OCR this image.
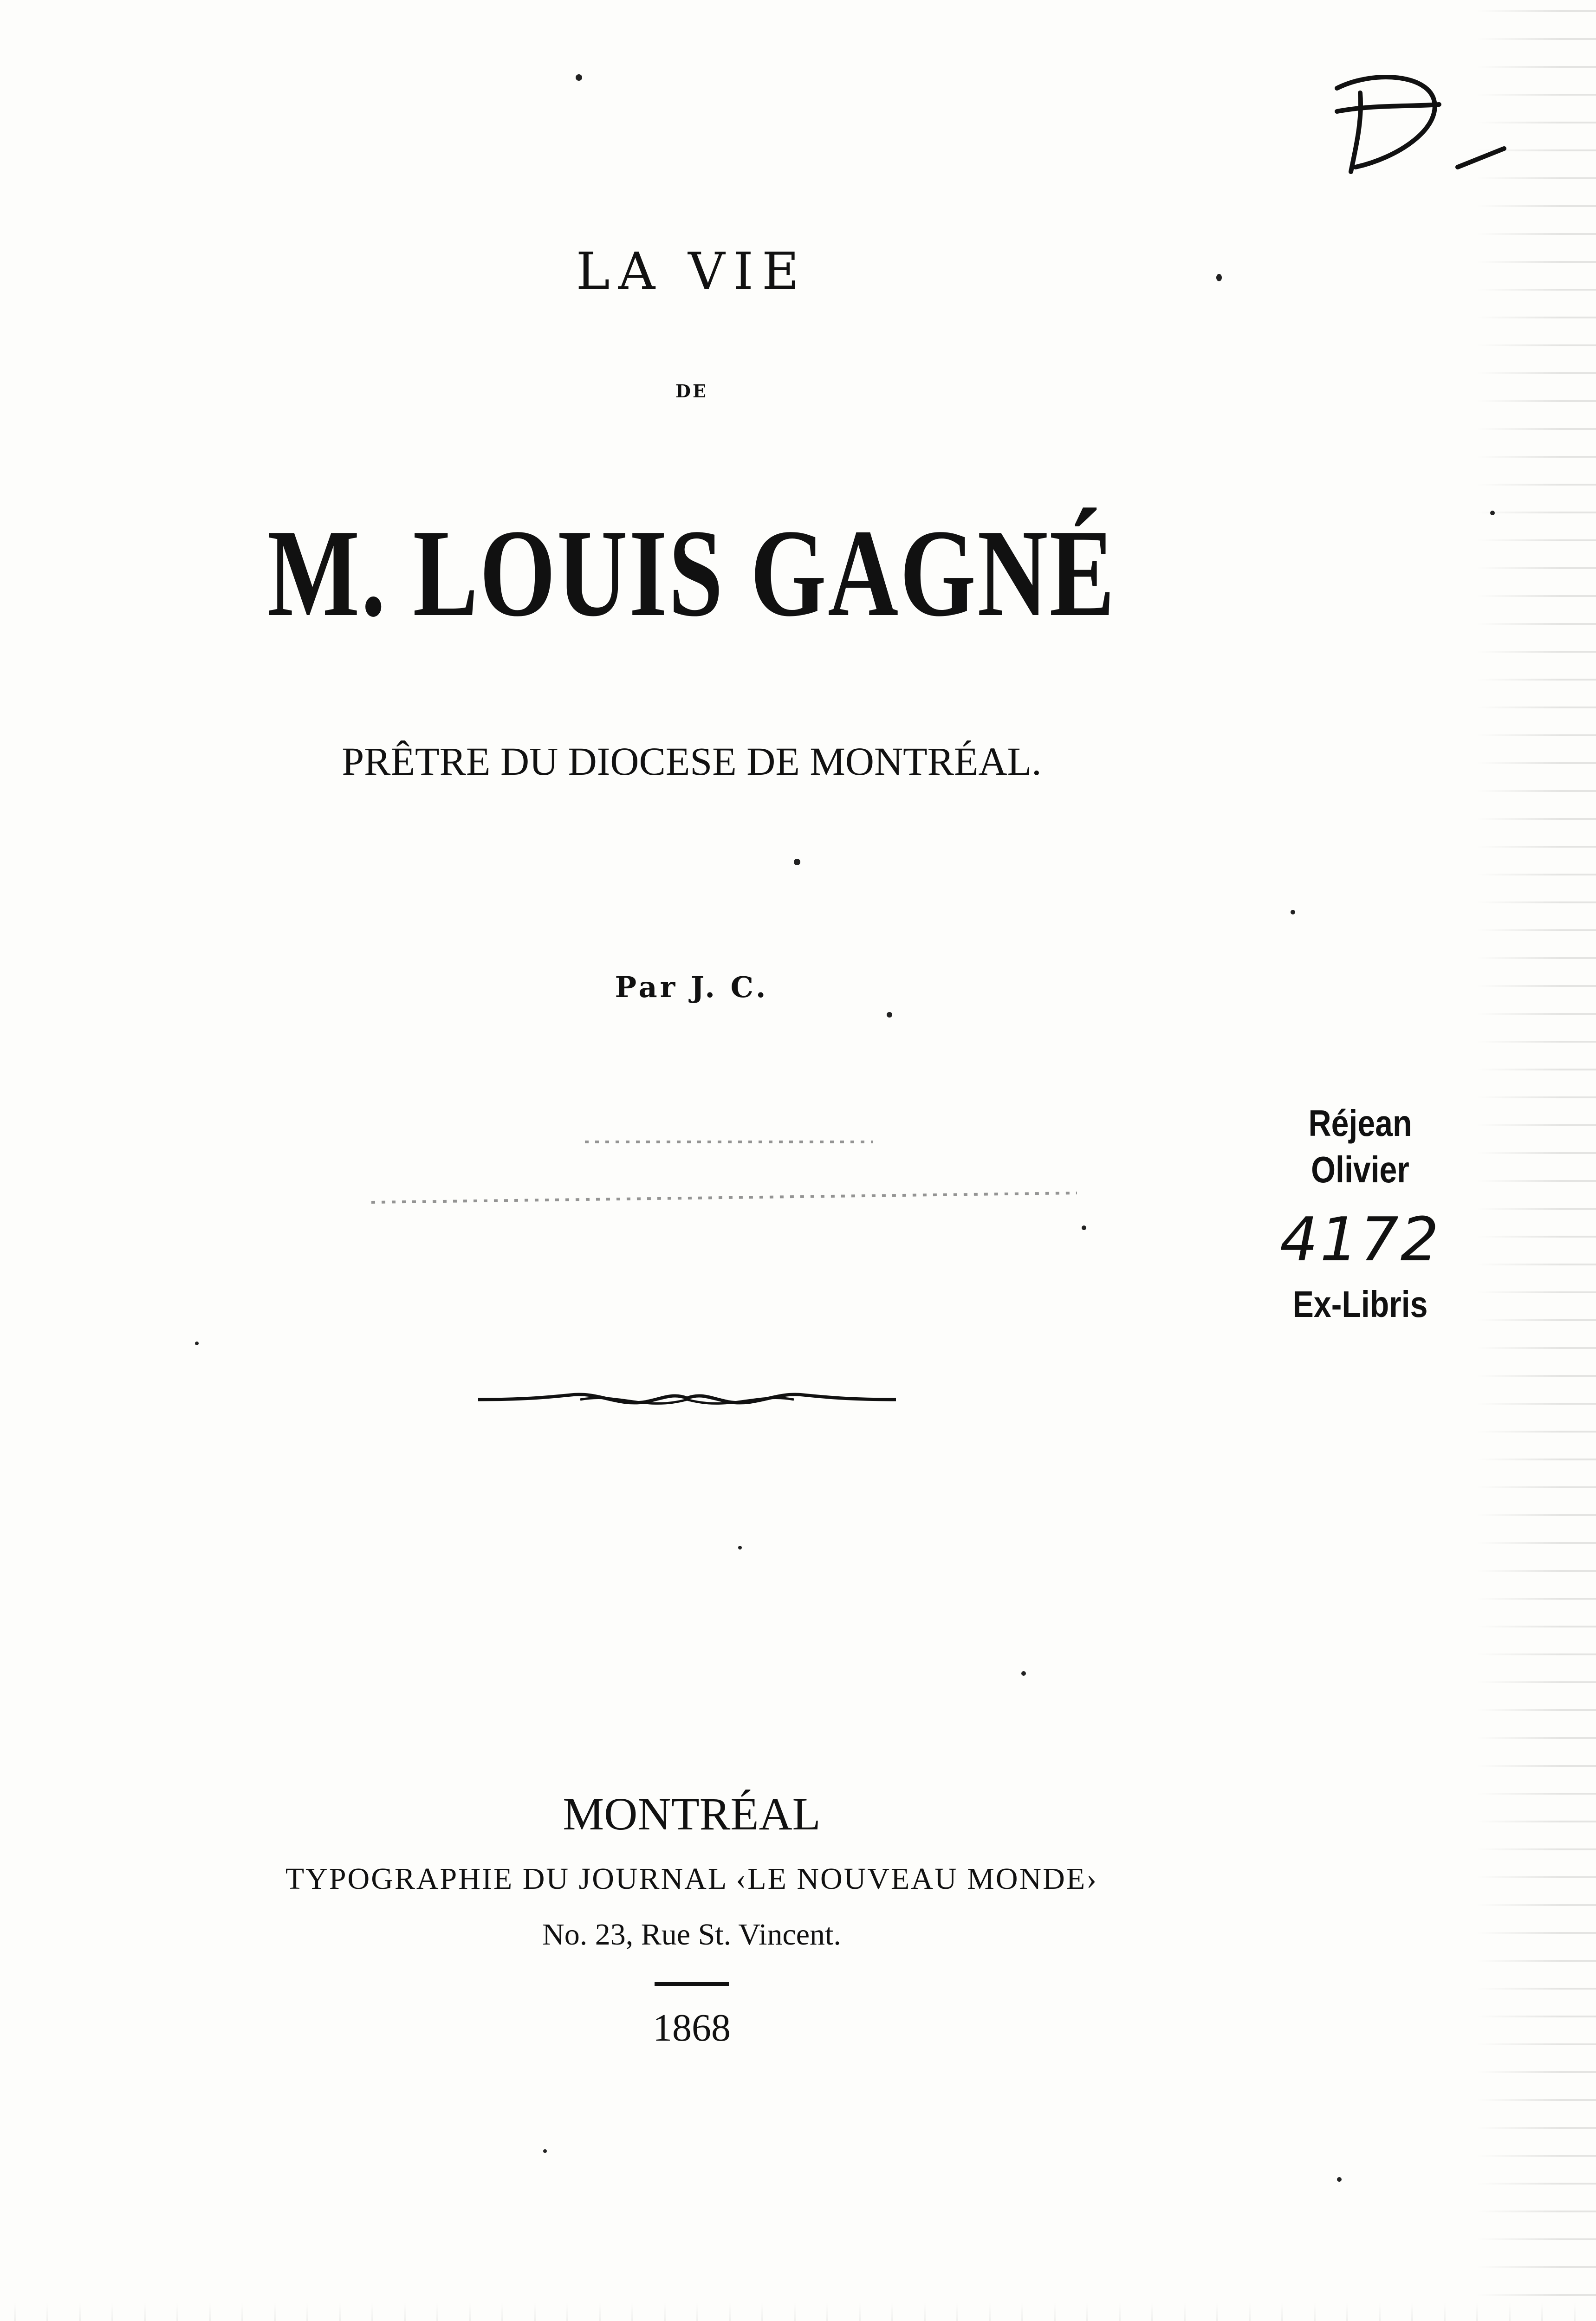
LA VIE
DE
M. LOUIS GAGNÉ
PRÊTRE DU DIOCESE DE MONTRÉAL.
Par J. C.
Réjean
Olivier
4172
Ex-Libris
MONTRÉAL
TYPOGRAPHIE DU JOURNAL ‹LE NOUVEAU MONDE›
No. 23, Rue St. Vincent.
1868
